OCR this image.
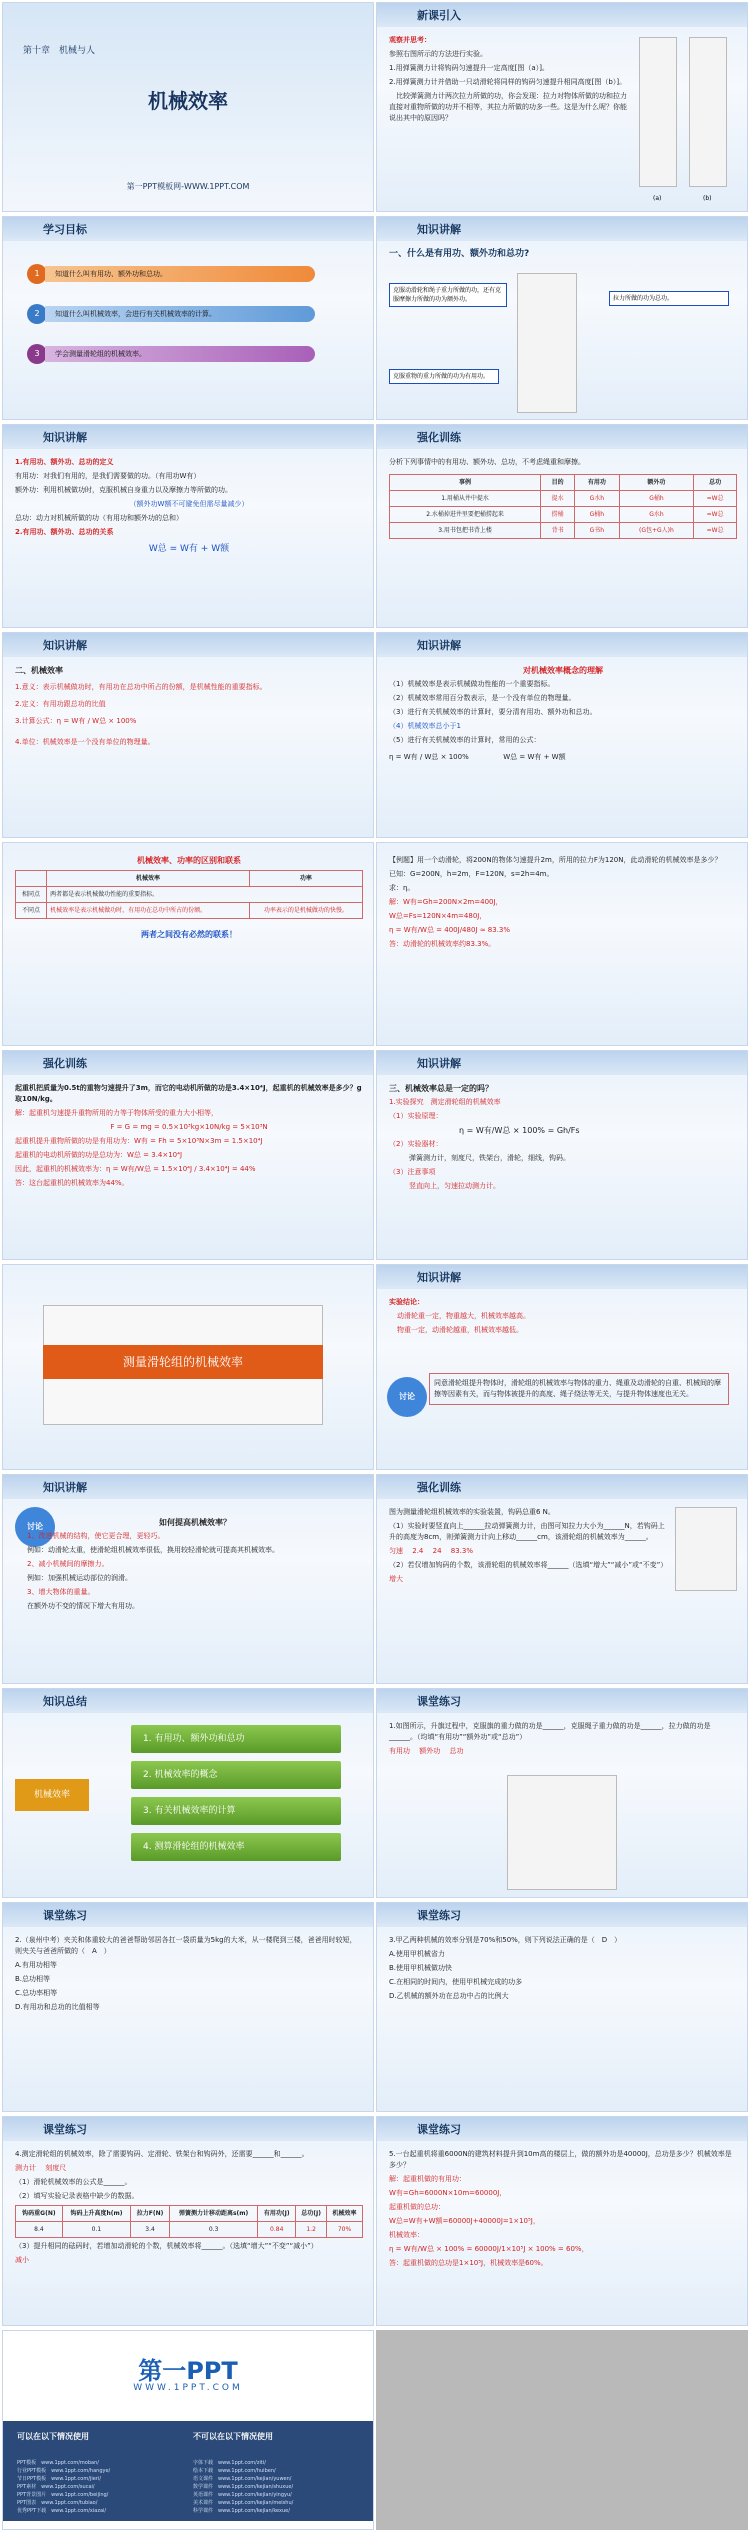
第十章　机械与人
机械效率
第一PPT模板网-WWW.1PPT.COM
新课引入
观察并思考：
参照右图所示的方法进行实验。
1.用弹簧测力计将钩码匀速提升一定高度[图（a）]。
2.用弹簧测力计并借助一只动滑轮将同样的钩码匀速提升相同高度[图（b）]。
　比较弹簧测力计两次拉力所做的功，你会发现：拉力对物体所做的功和拉力直接对重物所做的功并不相等，其拉力所做的功多一些。这是为什么呢？你能说出其中的原因吗？
(a)	(b)
学习目标
1	知道什么叫有用功、额外功和总功。
2	知道什么叫机械效率，会进行有关机械效率的计算。
3	学会测量滑轮组的机械效率。
知识讲解
一、什么是有用功、额外功和总功?
克服动滑轮和绳子重力所做的功，还有克服摩擦力所做的功为额外功。	拉力所做的功为总功。
克服重物的重力所做的功为有用功。
知识讲解
1.有用功、额外功、总功的定义
有用功：对我们有用的，是我们需要做的功。（有用功W有）
额外功：利用机械做功时，克服机械自身重力以及摩擦力等所做的功。
（额外功W额不可避免但需尽量减少）
总功：动力对机械所做的功（有用功和额外功的总和）
2.有用功、额外功、总功的关系
W总 = W有 + W额
强化训练
分析下列事情中的有用功、额外功、总功，不考虑绳重和摩擦。
事例	目的	有用功	额外功	总功
1.用桶从井中提水	提水	G水h	G桶h	=W总
2.水桶掉进井里要把桶捞起来	捞桶	G桶h	G水h	=W总
3.用书包把书背上楼	背书	G书h	(G包+G人)h	=W总
知识讲解
二、机械效率
1.意义：表示机械做功时，有用功在总功中所占的份额，是机械性能的重要指标。
2.定义：有用功跟总功的比值
3.计算公式：η = W有 / W总 × 100%
4.单位：机械效率是一个没有单位的物理量。
知识讲解
对机械效率概念的理解
（1）机械效率是表示机械做功性能的一个重要指标。
（2）机械效率常用百分数表示，是一个没有单位的物理量。
（3）进行有关机械效率的计算时，要分清有用功、额外功和总功。
（4）机械效率总小于1
（5）进行有关机械效率的计算时，常用的公式：
η = W有 / W总 × 100%	W总 = W有 + W额
机械效率、功率的区别和联系
	机械效率	功率
相同点	两者都是表示机械做功性能的重要指标。	
不同点	机械效率是表示机械做功时，有用功在总功中所占的份额。	功率表示的是机械做功的快慢。
两者之间没有必然的联系！
【例题】用一个动滑轮，将200N的物体匀速提升2m，所用的拉力F为120N，此动滑轮的机械效率是多少？
已知：G=200N，h=2m，F=120N，s=2h=4m。
求：η。
解：W有=Gh=200N×2m=400J，
W总=Fs=120N×4m=480J，
η = W有/W总 = 400J/480J ≈ 83.3%
答：动滑轮的机械效率约83.3%。
强化训练
起重机把质量为0.5t的重物匀速提升了3m，而它的电动机所做的功是3.4×10⁴J，起重机的机械效率是多少？g取10N/kg。
解：起重机匀速提升重物所用的力等于物体所受的重力大小相等，
F = G = mg = 0.5×10³kg×10N/kg = 5×10³N
起重机提升重物所做的功是有用功为：W有 = Fh = 5×10³N×3m = 1.5×10⁴J
起重机的电动机所做的功是总功为：W总 = 3.4×10⁴J
因此，起重机的机械效率为：η = W有/W总 = 1.5×10⁴J / 3.4×10⁴J = 44%
答：这台起重机的机械效率为44%。
知识讲解
三、机械效率总是一定的吗？
1.实验探究　测定滑轮组的机械效率
（1）实验原理：
η = W有/W总 × 100% = Gh/Fs
（2）实验器材：
弹簧测力计，刻度尺，铁架台，滑轮，细线，钩码。
（3）注意事项
竖直向上，匀速拉动测力计。
测量滑轮组的机械效率
知识讲解
实验结论：
动滑轮重一定，物重越大，机械效率越高。
物重一定，动滑轮越重，机械效率越低。
讨论
同意滑轮组提升物体时，滑轮组的机械效率与物体的重力、绳重及动滑轮的自重、机械间的摩擦等因素有关，而与物体被提升的高度、绳子绕法等无关，与提升物体速度也无关。
知识讲解
讨论	如何提高机械效率？
1、改进机械的结构，使它更合理，更轻巧。
例如：动滑轮太重，使滑轮组机械效率很低，换用较轻滑轮就可提高其机械效率。
2、减小机械间的摩擦力。
例如：加强机械运动部位的润滑。
3、增大物体的重量。
在额外功不变的情况下增大有用功。
强化训练
图为测量滑轮组机械效率的实验装置，钩码总重6 N。
（1）实验时要竖直向上______拉动弹簧测力计，由图可知拉力大小为______N，若钩码上升的高度为8cm，则弹簧测力计向上移动______cm，该滑轮组的机械效率为______。
匀速　 2.4　 24　 83.3%
（2）若仅增加钩码的个数，该滑轮组的机械效率将______（选填“增大”“减小”或“不变”）
增大
知识总结
机械效率
1. 有用功、额外功和总功
2. 机械效率的概念
3. 有关机械效率的计算
4. 测算滑轮组的机械效率
课堂练习
1.如图所示，升旗过程中，克服旗的重力做的功是______，克服绳子重力做的功是______，拉力做的功是______。（均填“有用功”“额外功”或“总功”）
有用功　 额外功　 总功
课堂练习
2.（泉州中考）夹关和体重较大的爸爸帮助邻居各扛一袋质量为5kg的大米，从一楼爬到三楼，爸爸用时较短，则夹关与爸爸所做的（　A　）
A.有用功相等
B.总功相等
C.总功率相等
D.有用功和总功的比值相等
课堂练习
3.甲乙两种机械的效率分别是70%和50%，则下列说法正确的是（　D　）
A.使用甲机械省力
B.使用甲机械做功快
C.在相同的时间内，使用甲机械完成的功多
D.乙机械的额外功在总功中占的比例大
课堂练习
4.测定滑轮组的机械效率，除了需要钩码、定滑轮、铁架台和钩码外，还需要______和______。
测力计　 刻度尺
（1）滑轮机械效率的公式是______。
（2）填写实验记录表格中缺少的数据。
钩码重G(N)	钩码上升高度h(m)	拉力F(N)	弹簧测力计移动距离s(m)	有用功(J)	总功(J)	机械效率
8.4	0.1	3.4	0.3	0.84	1.2	70%
（3）提升相同的砝码时，若增加动滑轮的个数，机械效率将______。（选填“增大”“不变”“减小”）
减小
课堂练习
5.一台起重机将重6000N的建筑材料提升到10m高的楼层上，做的额外功是40000J，总功是多少？机械效率是多少？
解：起重机做的有用功：
W有=Gh=6000N×10m=60000J，
起重机做的总功：
W总=W有+W额=60000J+40000J=1×10⁵J，
机械效率：
η = W有/W总 × 100% = 60000J/1×10⁵J × 100% = 60%，
答：起重机做的总功是1×10⁵J，机械效率是60%。
第一PPT
WWW.1PPT.COM
可以在以下情况使用	不可以在以下情况使用
PPT模板　www.1ppt.com/moban/
行业PPT模板　www.1ppt.com/hangye/
节日PPT模板　www.1ppt.com/jieri/
PPT素材　www.1ppt.com/sucai/
PPT背景图片　www.1ppt.com/beijing/
PPT图表　www.1ppt.com/tubiao/
优秀PPT下载　www.1ppt.com/xiazai/
字体下载　www.1ppt.com/ziti/
绘本下载　www.1ppt.com/huiben/
语文课件　www.1ppt.com/kejian/yuwen/
数学课件　www.1ppt.com/kejian/shuxue/
英语课件　www.1ppt.com/kejian/yingyu/
美术课件　www.1ppt.com/kejian/meishu/
科学课件　www.1ppt.com/kejian/kexue/
